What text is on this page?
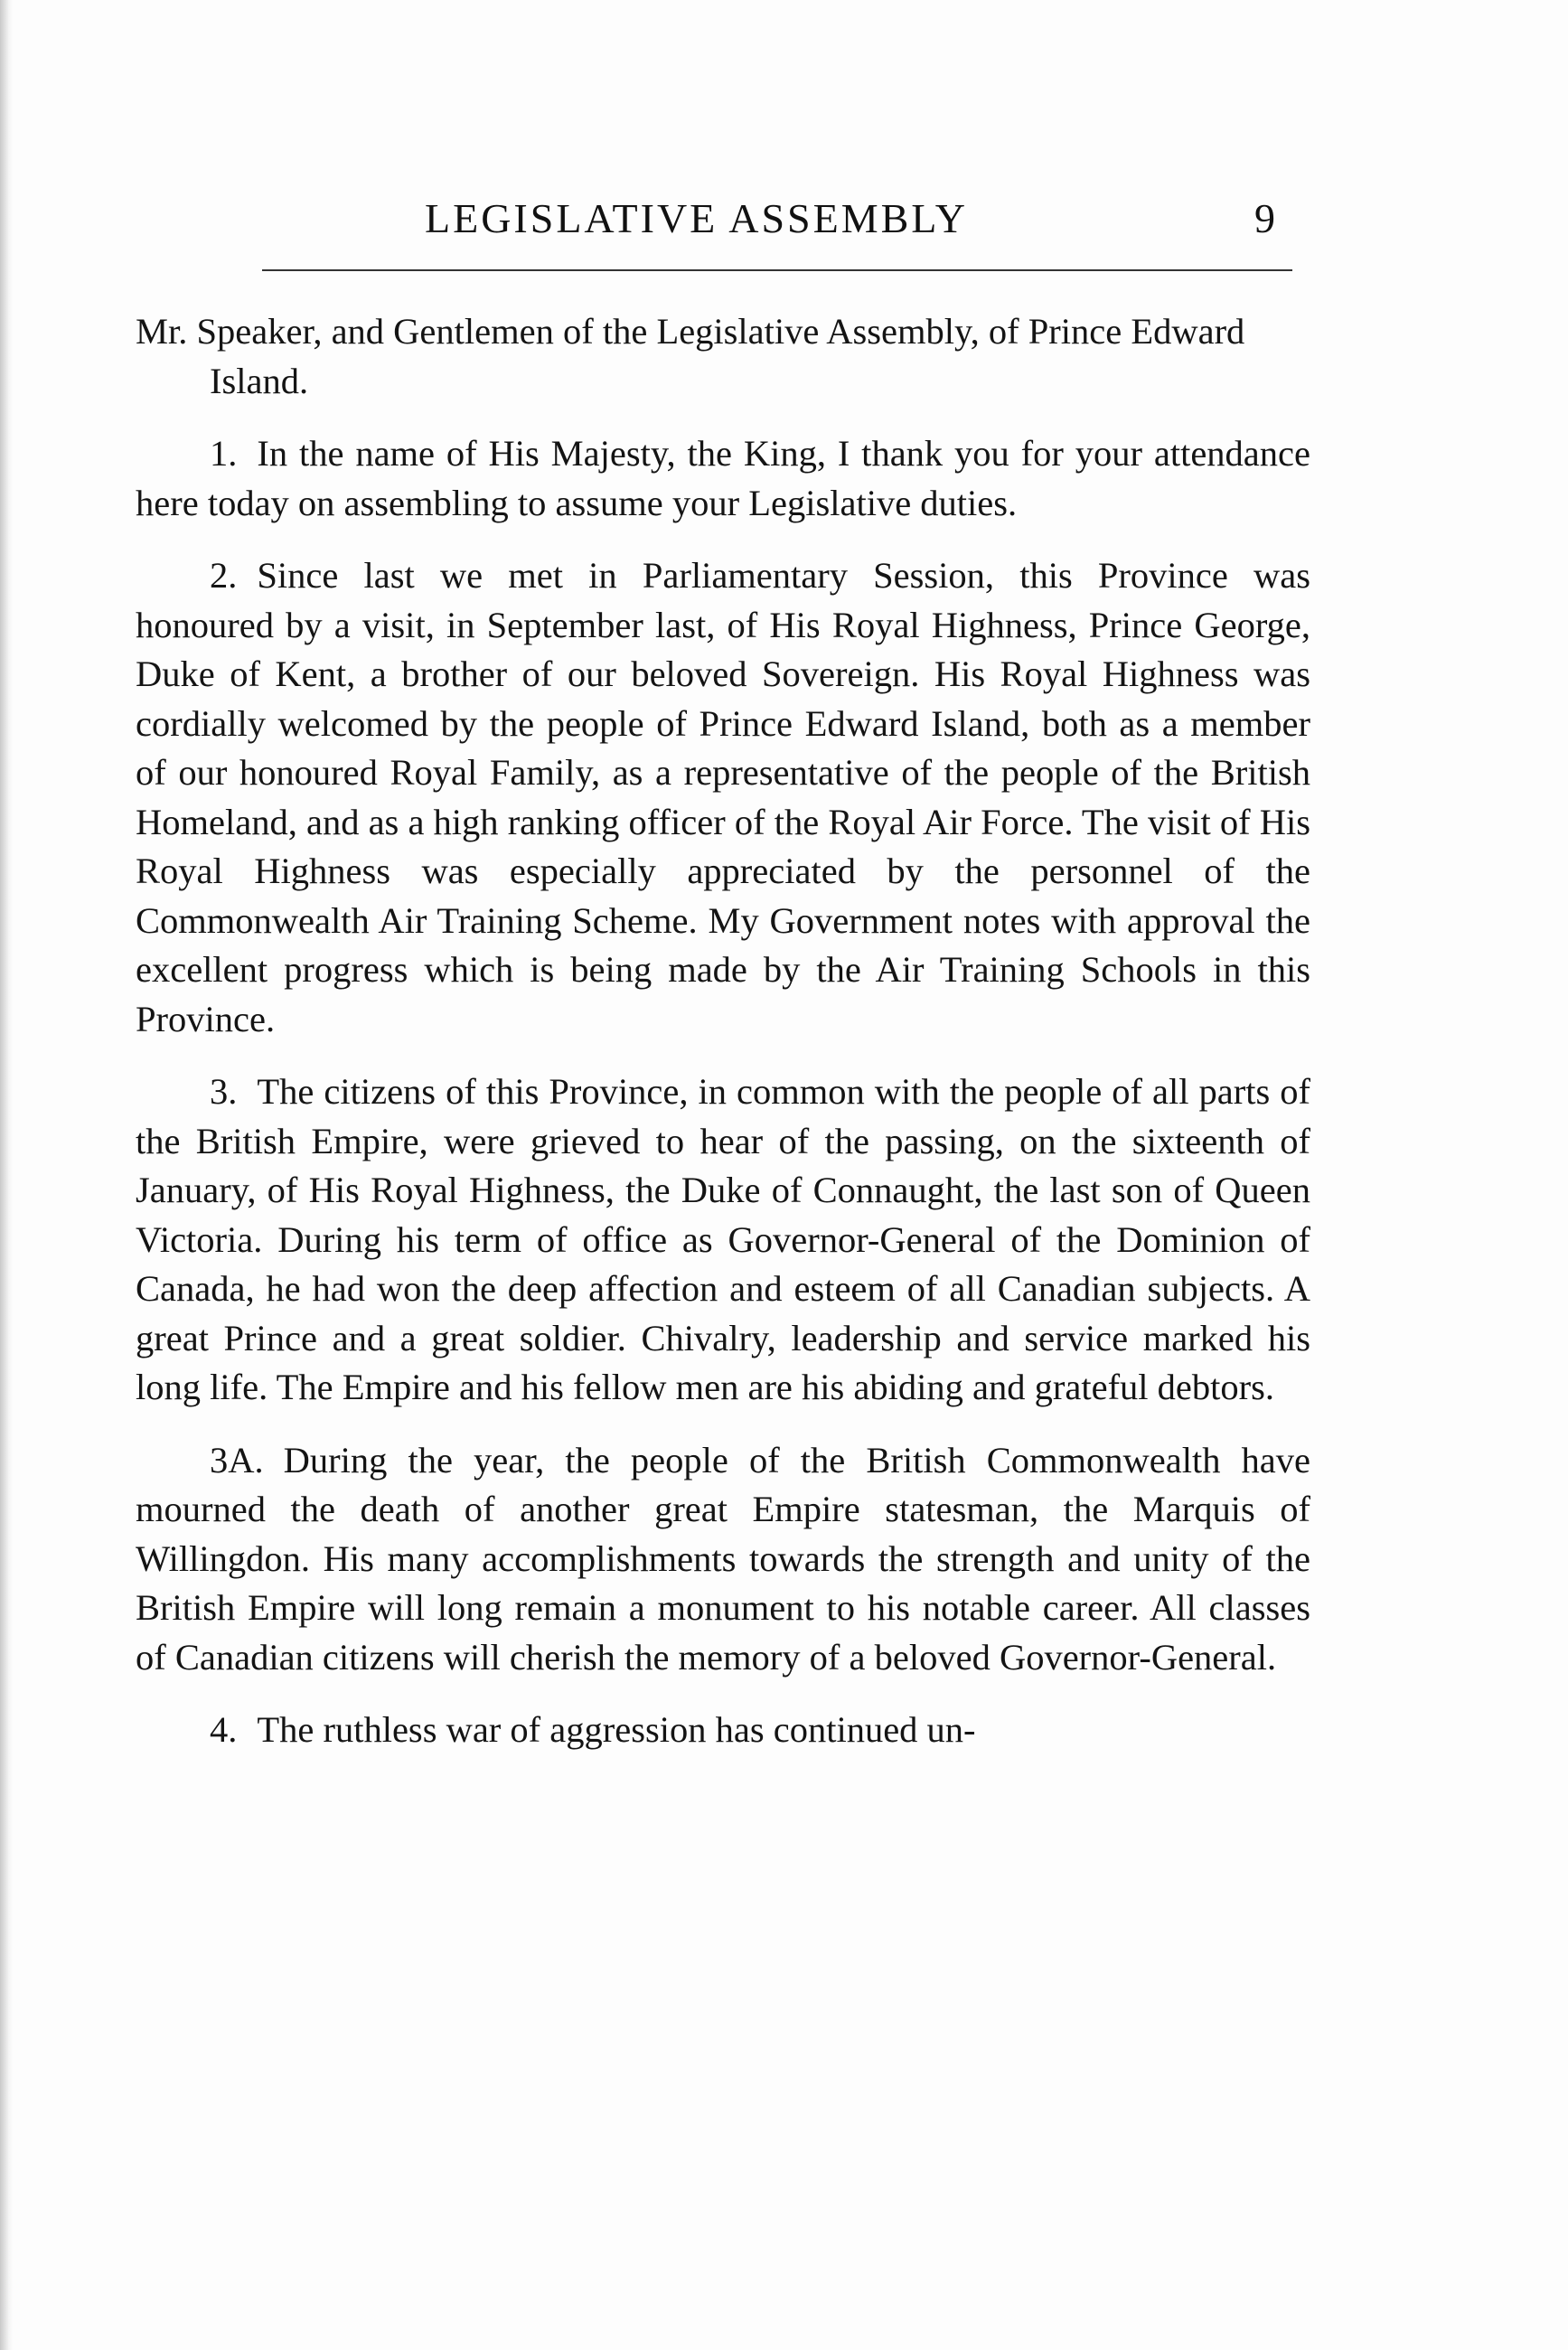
LEGISLATIVE ASSEMBLY	9

Mr. Speaker, and Gentlemen of the Legislative Assembly, of Prince Edward Island.

1. In the name of His Majesty, the King, I thank you for your attendance here today on assembling to assume your Legislative duties.

2. Since last we met in Parliamentary Session, this Province was honoured by a visit, in September last, of His Royal Highness, Prince George, Duke of Kent, a brother of our beloved Sovereign. His Royal Highness was cordially welcomed by the people of Prince Edward Island, both as a member of our honoured Royal Family, as a representative of the people of the British Homeland, and as a high ranking officer of the Royal Air Force. The visit of His Royal Highness was especially appreciated by the personnel of the Commonwealth Air Training Scheme. My Government notes with approval the excellent progress which is being made by the Air Training Schools in this Province.

3. The citizens of this Province, in common with the people of all parts of the British Empire, were grieved to hear of the passing, on the sixteenth of January, of His Royal Highness, the Duke of Connaught, the last son of Queen Victoria. During his term of office as Governor-General of the Dominion of Canada, he had won the deep affection and esteem of all Canadian subjects. A great Prince and a great soldier. Chivalry, leadership and service marked his long life. The Empire and his fellow men are his abiding and grateful debtors.

3A. During the year, the people of the British Commonwealth have mourned the death of another great Empire statesman, the Marquis of Willingdon. His many accomplishments towards the strength and unity of the British Empire will long remain a monument to his notable career. All classes of Canadian citizens will cherish the memory of a beloved Governor-General.

4. The ruthless war of aggression has continued un-
